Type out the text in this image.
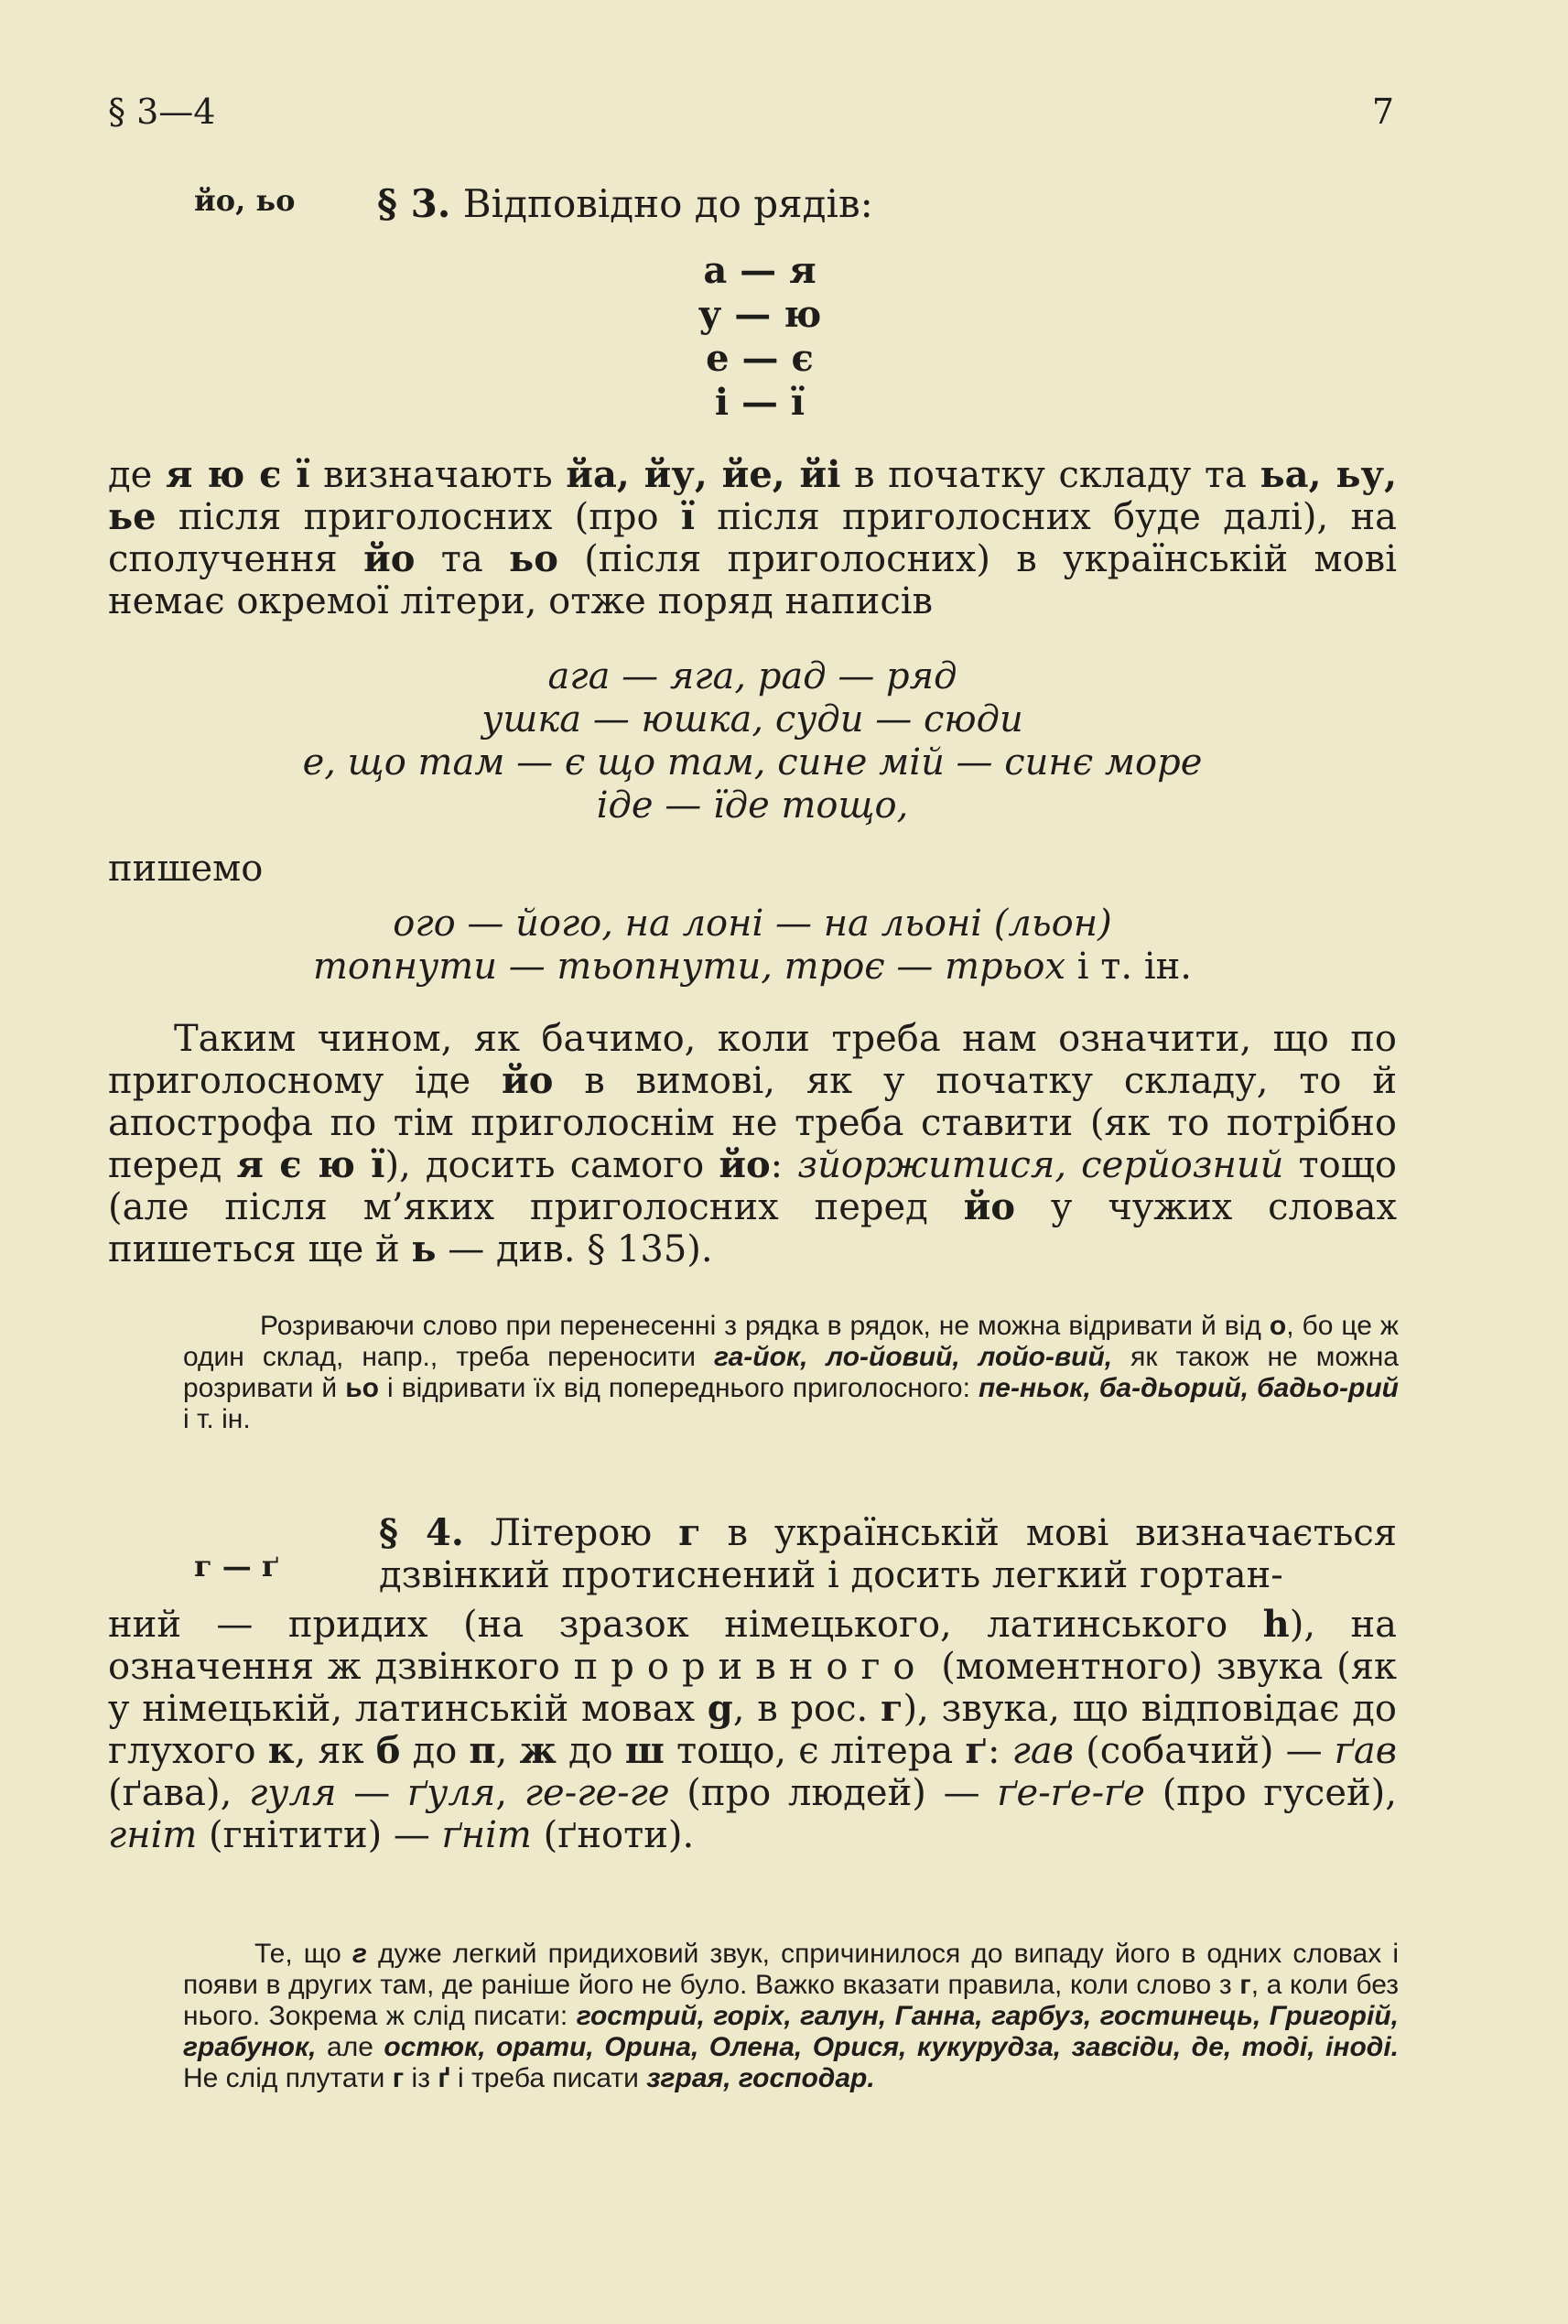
§ 3—4	7
йо, ьо § 3. Відповідно до рядів:
а — я
у — ю
е — є
і — ї
де я ю є ї визначають йа, йу, йе, йі в початку складу та ьа, ьу, ье після приголосних (про ї після приголосних буде далі), на сполучення йо та ьо (після приголосних) в українській мові немає окремої літери, отже поряд написів
ага — яга, рад — ряд
ушка — юшка, суди — сюди
е, що там — є що там, сине мій — синє море
іде — їде тощо,
пишемо
ого — його, на лоні — на льоні (льон)
топнути — тьопнути, троє — трьох і т. ін.
Таким чином, як бачимо, коли треба нам означити, що по приголосному іде йо в вимові, як у початку складу, то й апострофа по тім приголоснім не треба ставити (як то потрібно перед я є ю ї), досить самого йо: зйоржитися, серйозний тощо (але після м’яких приголосних перед йо у чужих словах пишеться ще й ь — див. § 135).
Розриваючи слово при перенесенні з рядка в рядок, не можна відривати й від о, бо це ж один склад, напр., треба переносити га-йок, ло-йовий, лойо-вий, як також не можна розривати й ьо і відривати їх від попереднього приголосного: пе-ньок, ба-дьорий, бадьо-рий і т. ін.
г — ґ
§ 4. Літерою г в українській мові визначається дзвінкий протиснений і досить легкий гортан-
ний — придих (на зразок німецького, латинського h), на означення ж дзвінкого проривного (моментного) звука (як у німецькій, латинській мовах g, в рос. г), звука, що відповідає до глухого к, як б до п, ж до ш тощо, є літера ґ: гав (собачий) — ґав (ґава), гуля — ґуля, ге-ге-ге (про людей) — ґе-ґе-ґе (про гусей), гніт (гнітити) — ґніт (ґноти).
Те, що г дуже легкий придиховий звук, спричинилося до випаду його в одних словах і появи в других там, де раніше його не було. Важко вказати правила, коли слово з г, а коли без нього. Зокрема ж слід писати: гострий, горіх, галун, Ганна, гарбуз, гостинець, Григорій, грабунок, але остюк, орати, Орина, Олена, Орися, кукурудза, завсіди, де, тоді, іноді. Не слід плутати г із ґ і треба писати зграя, господар.
